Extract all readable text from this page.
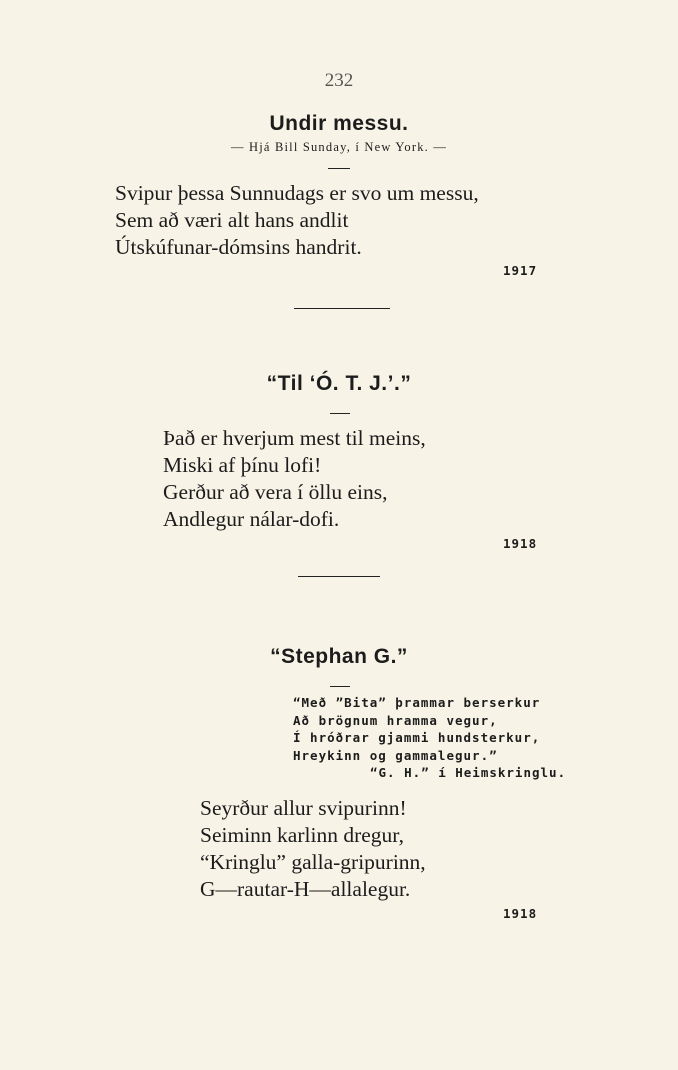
232
Undir messu.
— Hjá Bill Sunday, í New York. —
Svipur þessa Sunnudags er svo um messu,
Sem að væri alt hans andlit
Útskúfunar-dómsins handrit.
1917
“Til ‘Ó. T. J.’.”
Það er hverjum mest til meins,
Miski af þínu lofi!
Gerður að vera í öllu eins,
Andlegur nálar-dofi.
1918
“Stephan G.”
“Með ”Bita” þrammar berserkur
Að brögnum hramma vegur,
Í hróðrar gjammi hundsterkur,
Hreykinn og gammalegur.”
“G. H.” í Heimskringlu.
Seyrður allur svipurinn!
Seiminn karlinn dregur,
“Kringlu” galla-gripurinn,
G—rautar-H—allalegur.
1918
